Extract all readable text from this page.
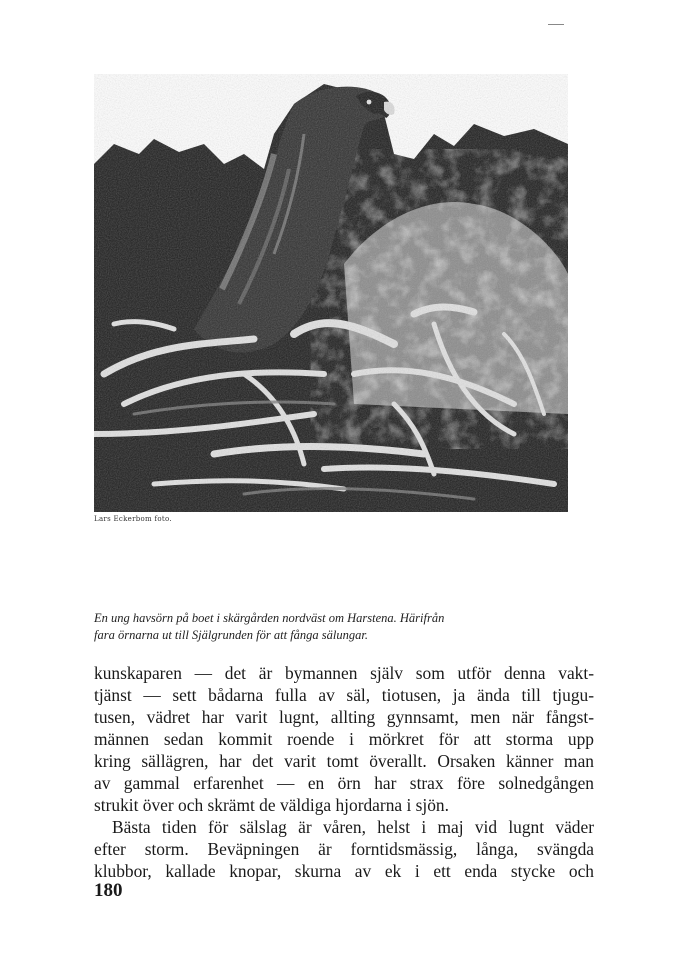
Lars Eckerbom foto.
En ung havsörn på boet i skärgården nordväst om Harstena. Härifrån
fara örnarna ut till Själgrunden för att fånga sälungar.
kunskaparen — det är bymannen själv som utför denna vakt-
tjänst — sett bådarna fulla av säl, tiotusen, ja ända till tjugu-
tusen, vädret har varit lugnt, allting gynnsamt, men när fångst-
männen sedan kommit roende i mörkret för att storma upp
kring sällägren, har det varit tomt överallt. Orsaken känner man
av gammal erfarenhet — en örn har strax före solnedgången
strukit över och skrämt de väldiga hjordarna i sjön.
Bästa tiden för sälslag är våren, helst i maj vid lugnt väder
efter storm. Beväpningen är forntidsmässig, långa, svängda
klubbor, kallade knopar, skurna av ek i ett enda stycke och
180
